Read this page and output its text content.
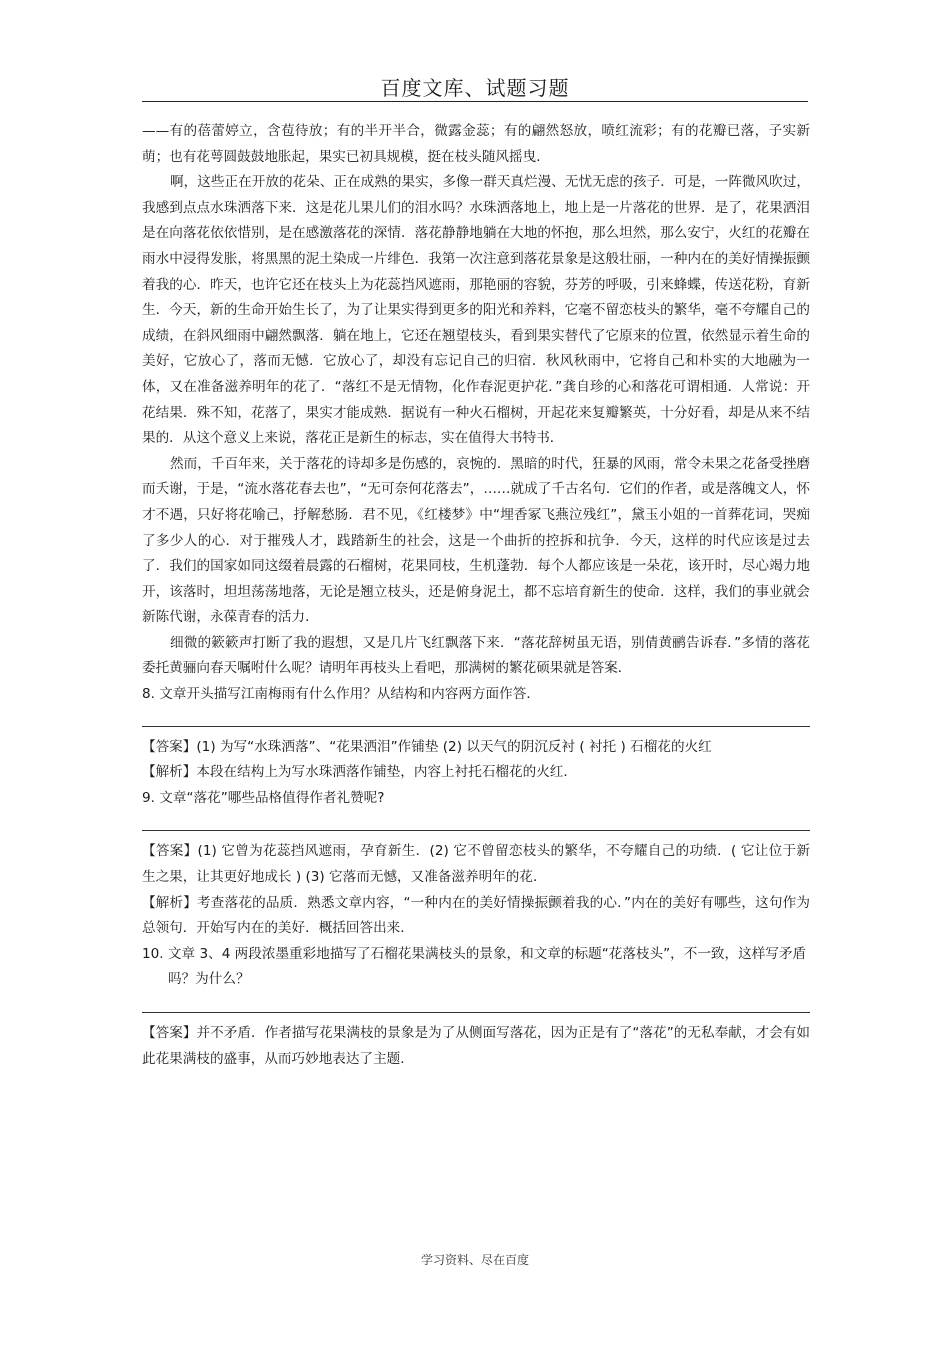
百度文库、试题习题

——有的蓓蕾婷立，含苞待放；有的半开半合，微露金蕊；有的翩然怒放，喷红流彩；有的花瓣已落，子实新萌；也有花萼圆鼓鼓地胀起，果实已初具规模，挺在枝头随风摇曳．

啊，这些正在开放的花朵、正在成熟的果实，多像一群天真烂漫、无忧无虑的孩子．可是，一阵微风吹过，我感到点点水珠洒落下来．这是花儿果儿们的泪水吗？水珠洒落地上，地上是一片落花的世界．是了，花果洒泪是在向落花依依惜别，是在感激落花的深情．落花静静地躺在大地的怀抱，那么坦然，那么安宁，火红的花瓣在雨水中浸得发胀，将黑黑的泥土染成一片绯色．我第一次注意到落花景象是这般壮丽，一种内在的美好情操振颤着我的心．昨天，也许它还在枝头上为花蕊挡风遮雨，那艳丽的容貌，芬芳的呼吸，引来蜂蝶，传送花粉，育新生．今天，新的生命开始生长了，为了让果实得到更多的阳光和养料，它毫不留恋枝头的繁华，毫不夸耀自己的成绩，在斜风细雨中翩然飘落．躺在地上，它还在翘望枝头，看到果实替代了它原来的位置，依然显示着生命的美好，它放心了，落而无憾．它放心了，却没有忘记自己的归宿．秋风秋雨中，它将自己和朴实的大地融为一体，又在准备滋养明年的花了．“落红不是无情物，化作春泥更护花．”龚自珍的心和落花可谓相通．人常说：开花结果．殊不知，花落了，果实才能成熟．据说有一种火石榴树，开起花来复瓣繁英，十分好看，却是从来不结果的．从这个意义上来说，落花正是新生的标志，实在值得大书特书．

然而，千百年来，关于落花的诗却多是伤感的，哀惋的．黑暗的时代，狂暴的风雨，常令未果之花备受挫磨而夭谢，于是，“流水落花春去也”，“无可奈何花落去”，……就成了千古名句．它们的作者，或是落魄文人，怀才不遇，只好将花喻己，抒解愁肠．君不见，《红楼梦》中“埋香冢飞燕泣残红”，黛玉小姐的一首葬花词，哭痴了多少人的心．对于摧残人才，践踏新生的社会，这是一个曲折的控拆和抗争．今天，这样的时代应该是过去了．我们的国家如同这缀着晨露的石榴树，花果同枝，生机蓬勃．每个人都应该是一朵花，该开时，尽心竭力地开，该落时，坦坦荡荡地落，无论是翘立枝头，还是俯身泥土，都不忘培育新生的使命．这样，我们的事业就会新陈代谢，永葆青春的活力．

细微的簌簌声打断了我的遐想，又是几片飞红飘落下来．“落花辞树虽无语，别倩黄鹂告诉春．”多情的落花委托黄骊向春天嘱咐什么呢？请明年再枝头上看吧，那满树的繁花硕果就是答案．

8. 文章开头描写江南梅雨有什么作用？从结构和内容两方面作答．

【答案】(1) 为写“水珠洒落”、“花果洒泪”作铺垫 (2) 以天气的阴沉反衬 ( 衬托 ) 石榴花的火红

【解析】本段在结构上为写水珠洒落作铺垫，内容上衬托石榴花的火红．

9. 文章“落花”哪些品格值得作者礼赞呢?

【答案】(1) 它曾为花蕊挡风遮雨，孕育新生．(2) 它不曾留恋枝头的繁华，不夸耀自己的功绩．( 它让位于新生之果，让其更好地成长 ) (3) 它落而无憾，又准备滋养明年的花．

【解析】考查落花的品质．熟悉文章内容，“一种内在的美好情操振颤着我的心．”内在的美好有哪些，这句作为总领句．开始写内在的美好．概括回答出来．

10. 文章 3、4 两段浓墨重彩地描写了石榴花果满枝头的景象，和文章的标题“花落枝头”，不一致，这样写矛盾吗？为什么？

【答案】并不矛盾．作者描写花果满枝的景象是为了从侧面写落花，因为正是有了“落花”的无私奉献，才会有如此花果满枝的盛事，从而巧妙地表达了主题．

学习资料、尽在百度
